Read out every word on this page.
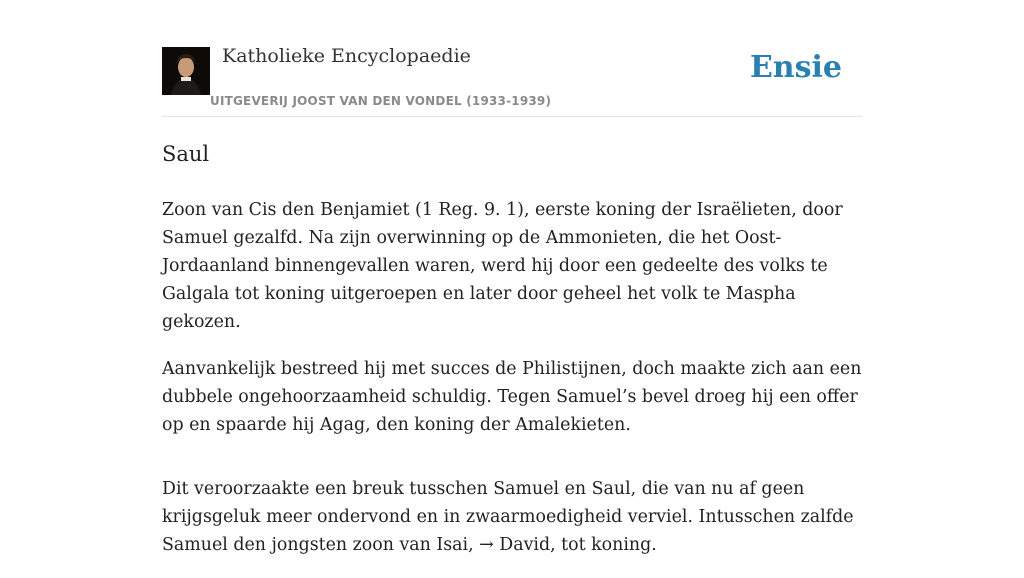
Katholieke Encyclopaedie
UITGEVERIJ JOOST VAN DEN VONDEL (1933-1939)
Ensie
Saul

Zoon van Cis den Benjamiet (1 Reg. 9. 1), eerste koning der Israëlieten, door Samuel gezalfd. Na zijn overwinning op de Ammonieten, die het Oost-Jordaanland binnengevallen waren, werd hij door een gedeelte des volks te Galgala tot koning uitgeroepen en later door geheel het volk te Maspha gekozen.

Aanvankelijk bestreed hij met succes de Philistijnen, doch maakte zich aan een dubbele ongehoorzaamheid schuldig. Tegen Samuel’s bevel droeg hij een offer op en spaarde hij Agag, den koning der Amalekieten.

Dit veroorzaakte een breuk tusschen Samuel en Saul, die van nu af geen krijgsgeluk meer ondervond en in zwaarmoedigheid verviel. Intusschen zalfde Samuel den jongsten zoon van Isai, → David, tot koning.
